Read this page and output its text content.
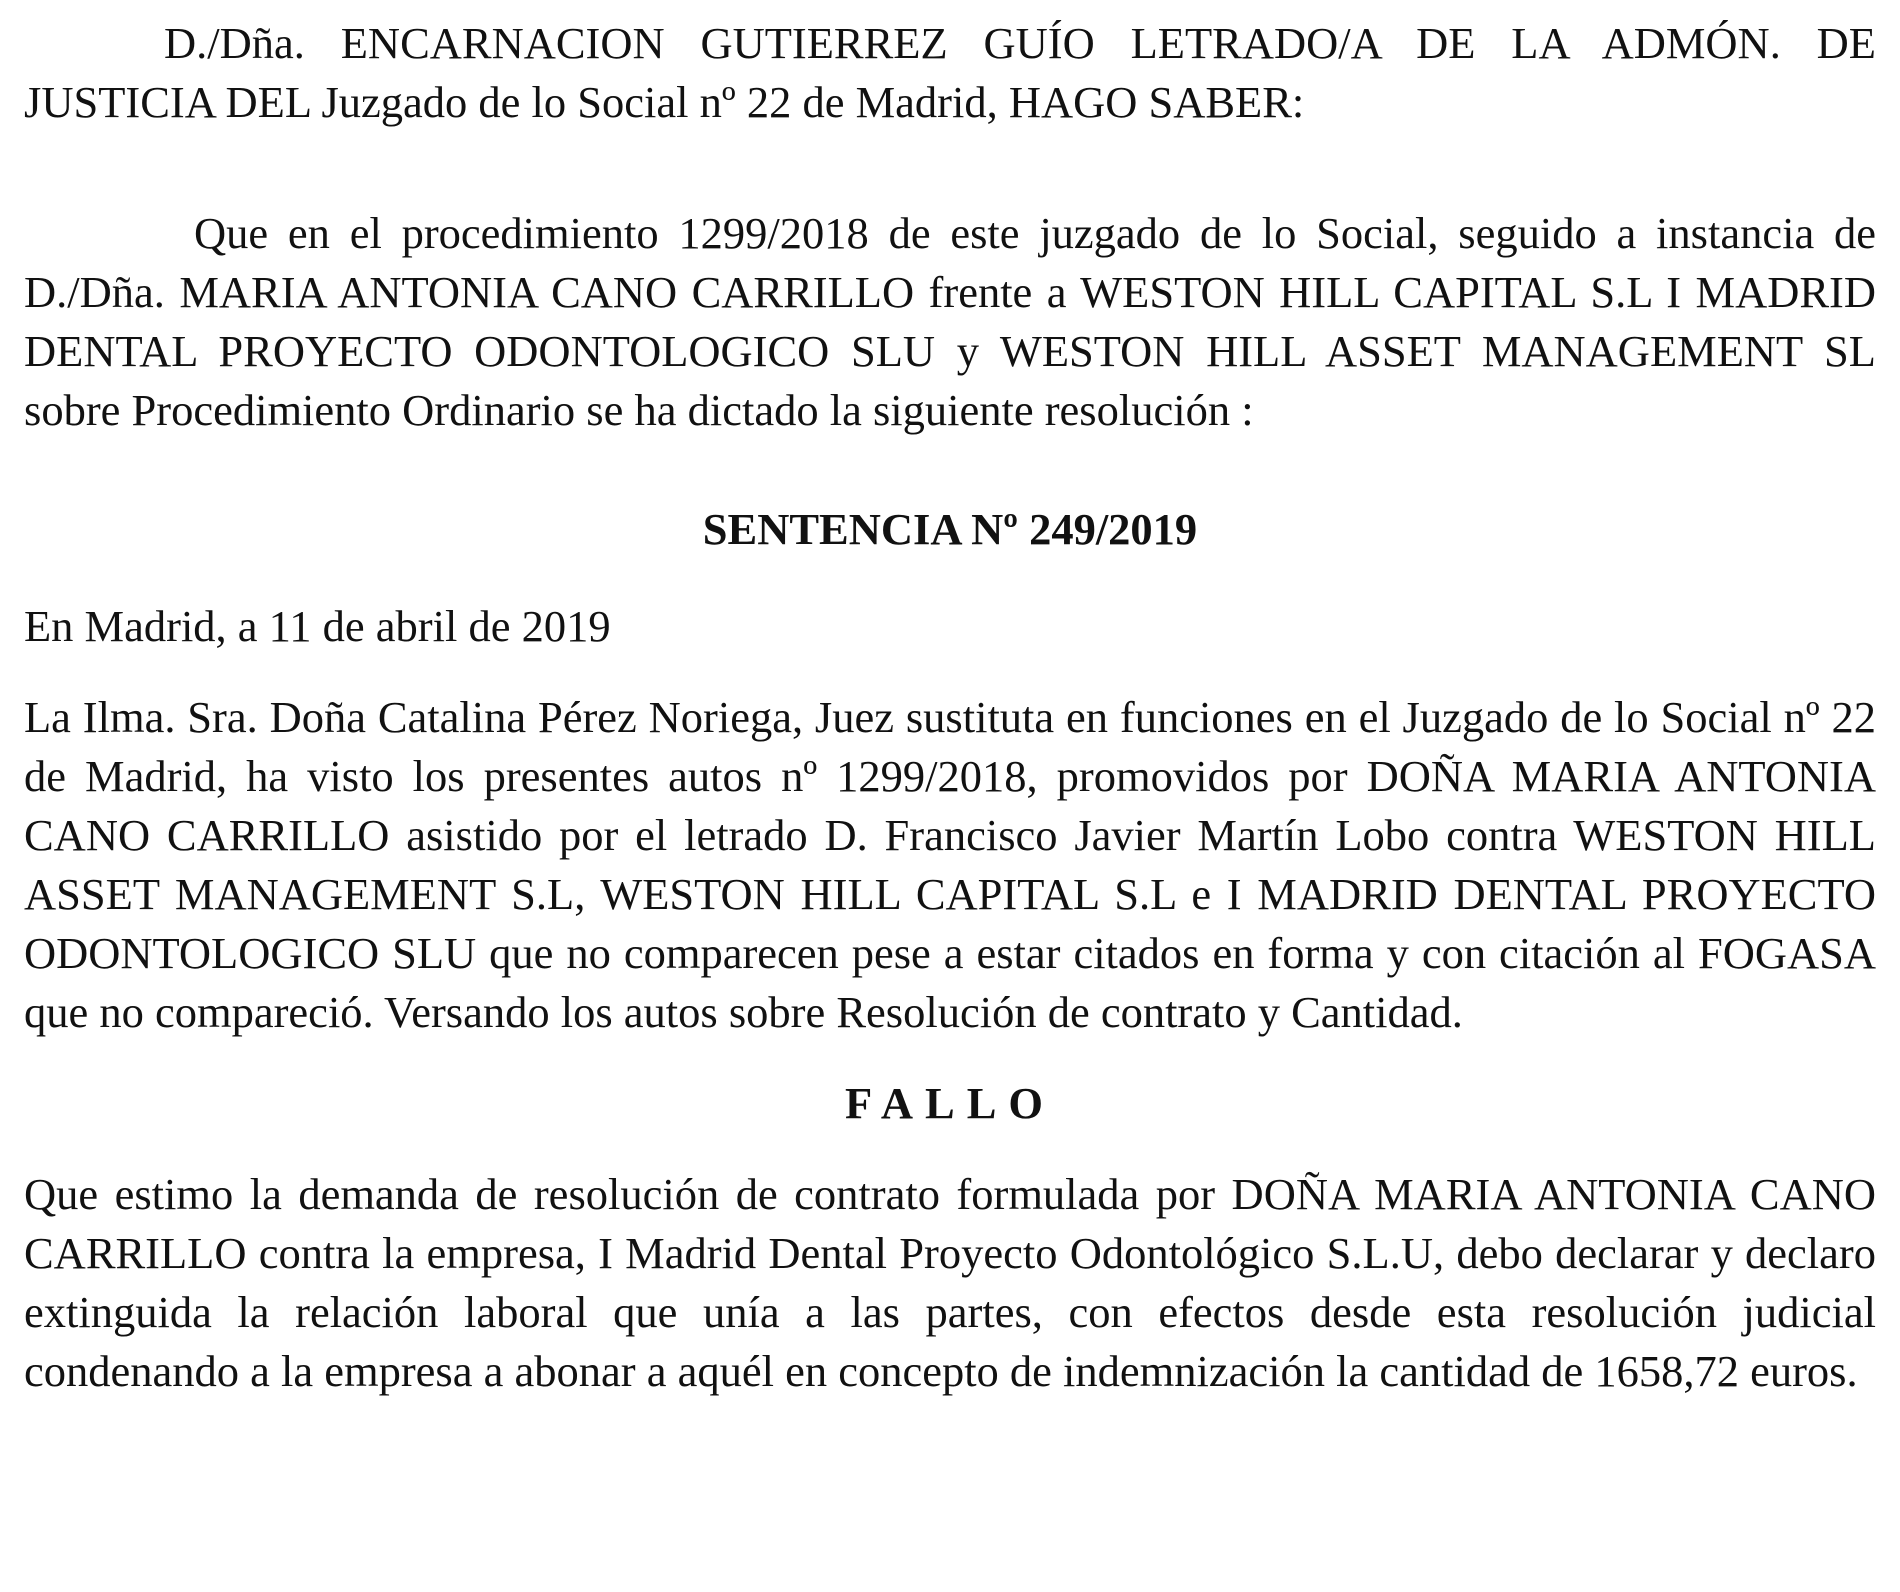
D./Dña. ENCARNACION GUTIERREZ GUÍO LETRADO/A DE LA ADMÓN. DE JUSTICIA DEL Juzgado de lo Social nº 22 de Madrid, HAGO SABER:

Que en el procedimiento 1299/2018 de este juzgado de lo Social, seguido a instancia de D./Dña. MARIA ANTONIA CANO CARRILLO frente a WESTON HILL CAPITAL S.L I MADRID DENTAL PROYECTO ODONTOLOGICO SLU y WESTON HILL ASSET MANAGEMENT SL sobre Procedimiento Ordinario se ha dictado la siguiente resolución :

SENTENCIA Nº 249/2019

En Madrid, a 11 de abril de 2019

La Ilma. Sra. Doña Catalina Pérez Noriega, Juez sustituta en funciones en el Juzgado de lo Social nº 22 de Madrid, ha visto los presentes autos nº 1299/2018, promovidos por DOÑA MARIA ANTONIA CANO CARRILLO asistido por el letrado D. Francisco Javier Martín Lobo contra WESTON HILL ASSET MANAGEMENT S.L, WESTON HILL CAPITAL S.L e I MADRID DENTAL PROYECTO ODONTOLOGICO SLU que no comparecen pese a estar citados en forma y con citación al FOGASA que no compareció. Versando los autos sobre Resolución de contrato y Cantidad.

FALLO

Que estimo la demanda de resolución de contrato formulada por DOÑA MARIA ANTONIA CANO CARRILLO contra la empresa, I Madrid Dental Proyecto Odontológico S.L.U, debo declarar y declaro extinguida la relación laboral que unía a las partes, con efectos desde esta resolución judicial condenando a la empresa a abonar a aquél en concepto de indemnización la cantidad de 1658,72 euros.
